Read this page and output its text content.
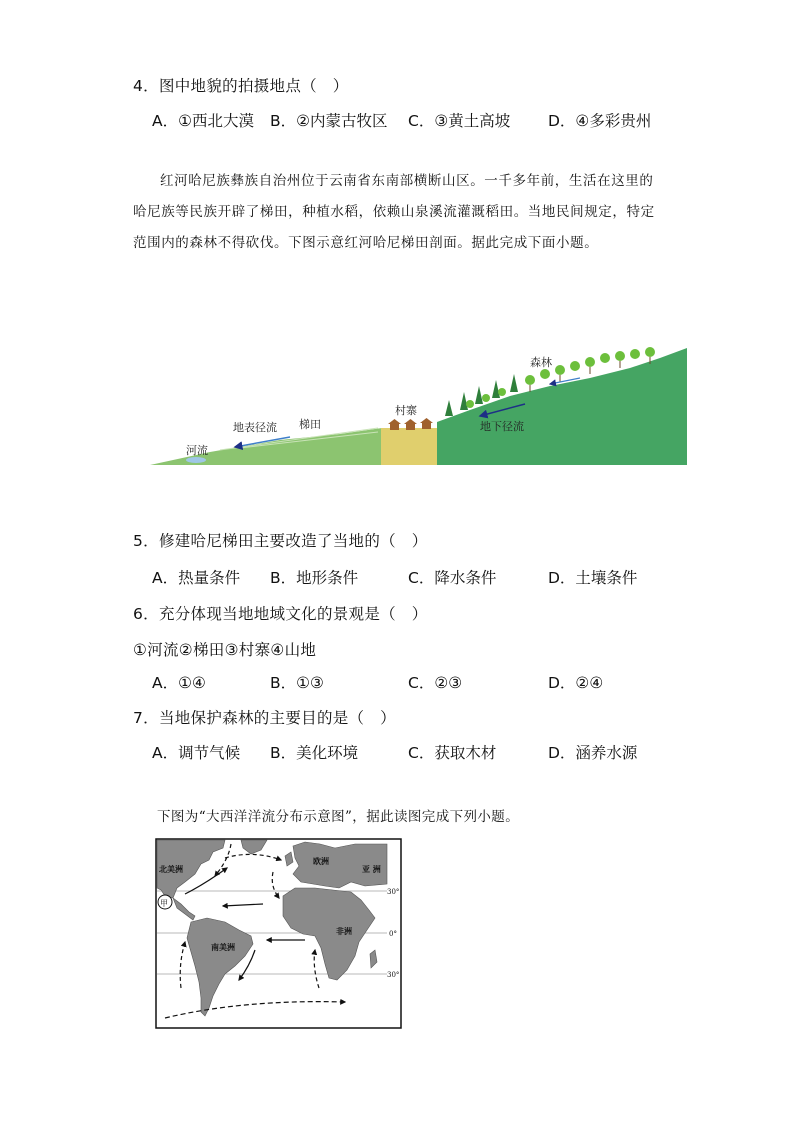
4．图中地貌的拍摄地点（　）
A．①西北大漠 B．②内蒙古牧区 C．③黄土高坡 D．④多彩贵州

红河哈尼族彝族自治州位于云南省东南部横断山区。一千多年前，生活在这里的哈尼族等民族开辟了梯田，种植水稻，依赖山泉溪流灌溉稻田。当地民间规定，特定范围内的森林不得砍伐。下图示意红河哈尼梯田剖面。据此完成下面小题。

河流
地表径流 梯田
村寨
森林
地下径流
5．修建哈尼梯田主要改造了当地的（　）
A．热量条件 B．地形条件	C．降水条件	D．土壤条件
6．充分体现当地地域文化的景观是（　）
①河流②梯田③村寨④山地
A．①④	B．①③	C．②③	D．②④
7．当地保护森林的主要目的是（　）
A．调节气候 B．美化环境	C．获取木材	D．涵养水源
下图为“大西洋洋流分布示意图”，据此读图完成下列小题。
北美洲
欧洲
亚 洲
非洲
南美洲
甲
30°
0°
30°
